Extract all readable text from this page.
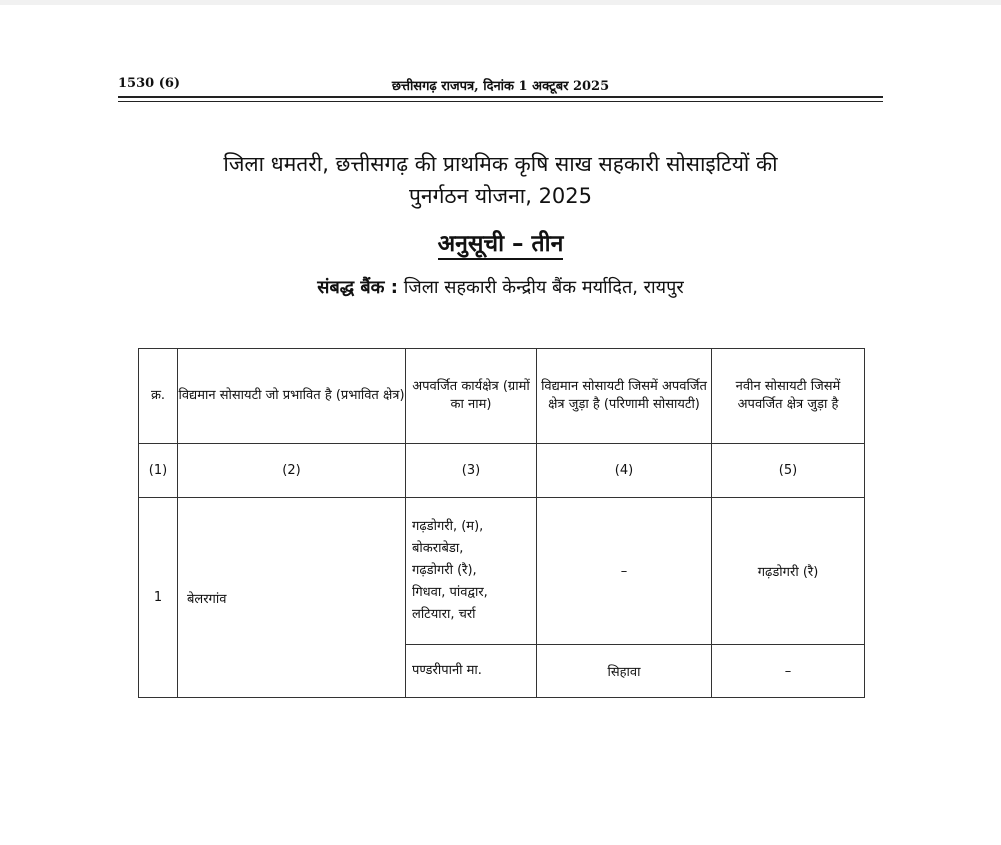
1530 (6)	छत्तीसगढ़ राजपत्र, दिनांक 1 अक्टूबर 2025
जिला धमतरी, छत्तीसगढ़ की प्राथमिक कृषि साख सहकारी सोसाइटियों की
पुनर्गठन योजना, 2025
अनुसूची – तीन
संबद्ध बैंक : जिला सहकारी केन्द्रीय बैंक मर्यादित, रायपुर
क्र.	विद्यमान सोसायटी जो प्रभावित है (प्रभावित क्षेत्र)	अपवर्जित कार्यक्षेत्र (ग्रामों का नाम)	विद्यमान सोसायटी जिसमें अपवर्जित क्षेत्र जुड़ा है (परिणामी सोसायटी)	नवीन सोसायटी जिसमें अपवर्जित क्षेत्र जुड़ा है
(1)	(2)	(3)	(4)	(5)
1	बेलरगांव	गढ़डोगरी, (म),
बोकराबेडा,
गढ़डोगरी (रै),
गिधवा, पांवद्वार,
लटियारा, चर्रा	–	गढ़डोगरी (रै)
		पण्डरीपानी मा.	सिहावा	–
